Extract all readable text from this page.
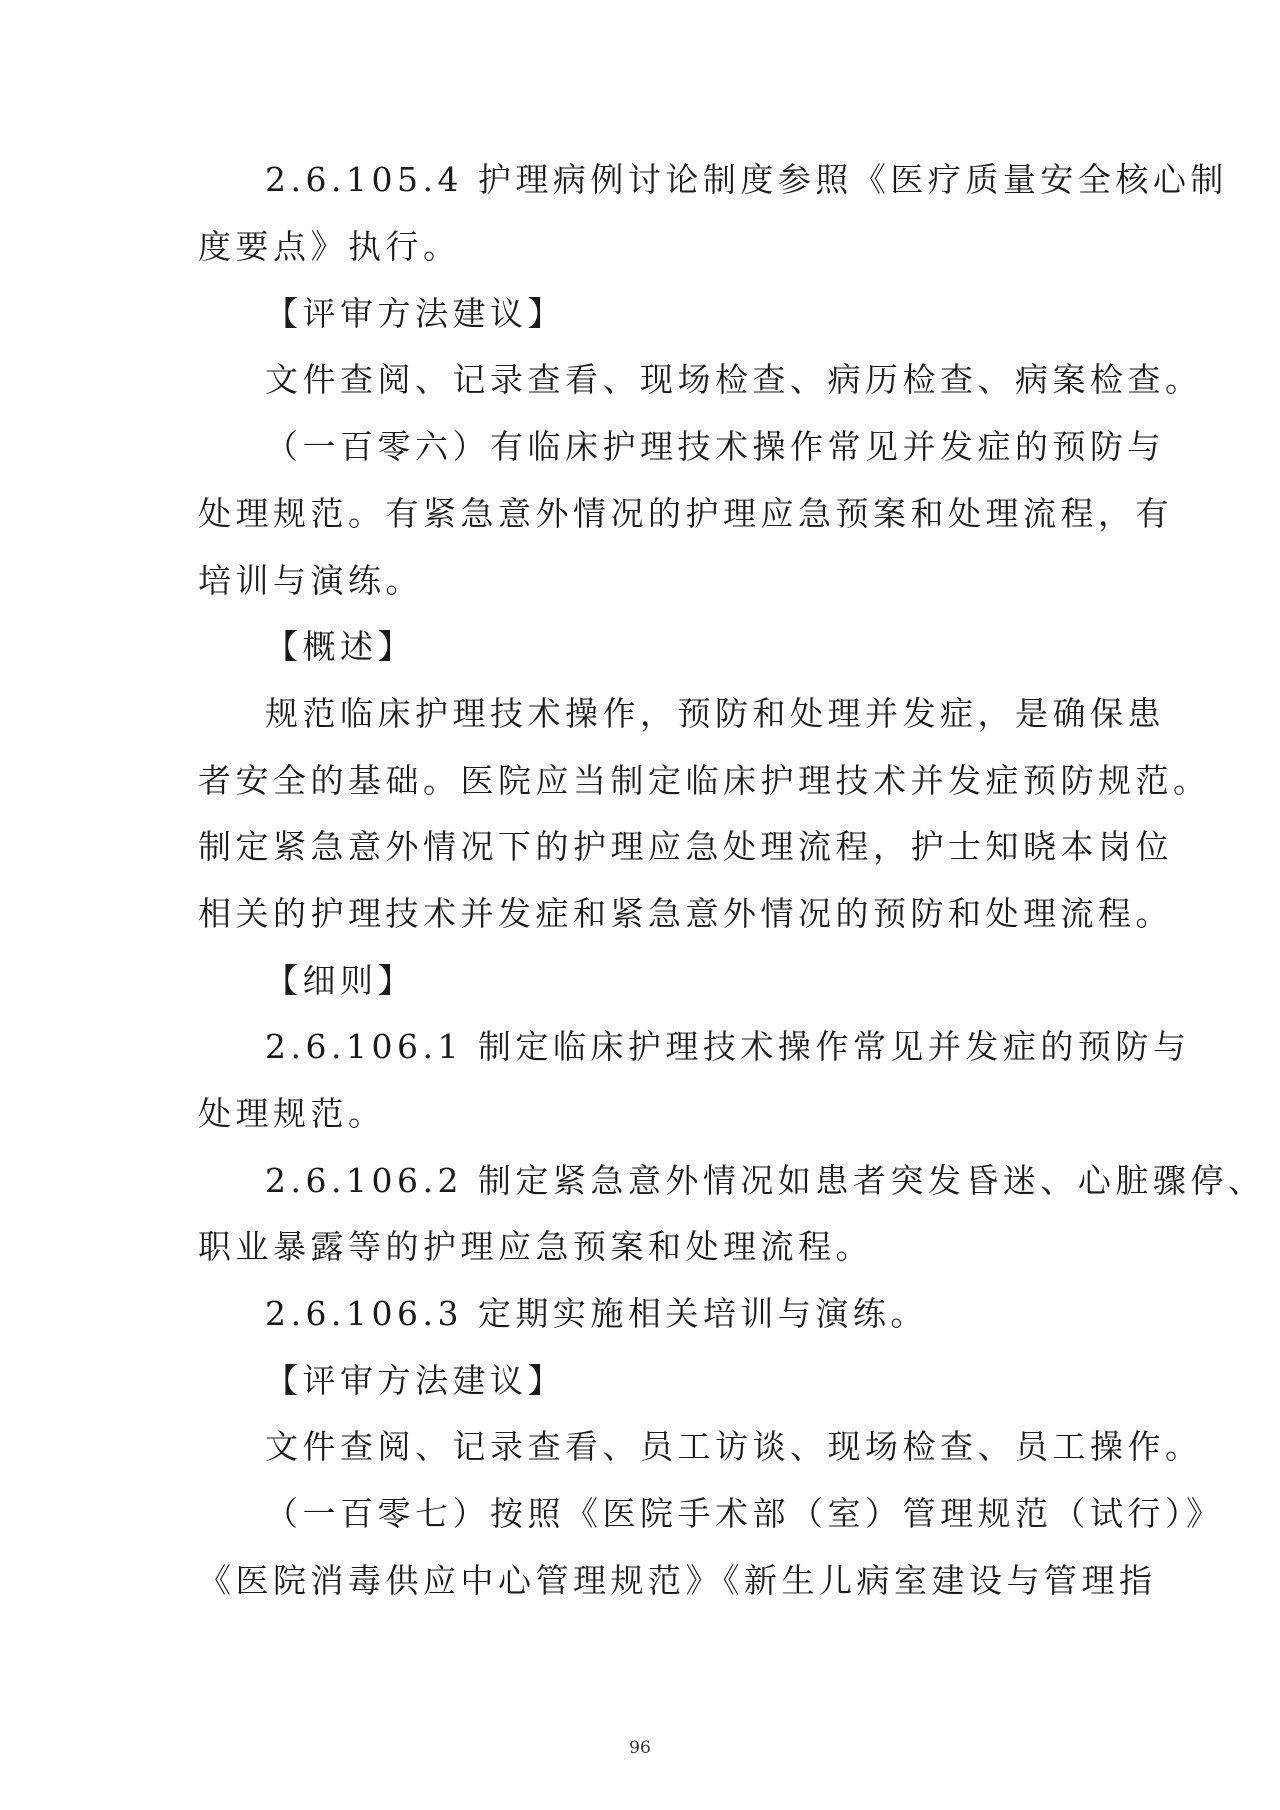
2.6.105.4 护理病例讨论制度参照《医疗质量安全核心制
度要点》执行。
【评审方法建议】
文件查阅、记录查看、现场检查、病历检查、病案检查。
（一百零六）有临床护理技术操作常见并发症的预防与
处理规范。有紧急意外情况的护理应急预案和处理流程，有
培训与演练。
【概述】
规范临床护理技术操作，预防和处理并发症，是确保患
者安全的基础。医院应当制定临床护理技术并发症预防规范。
制定紧急意外情况下的护理应急处理流程，护士知晓本岗位
相关的护理技术并发症和紧急意外情况的预防和处理流程。
【细则】
2.6.106.1 制定临床护理技术操作常见并发症的预防与
处理规范。
2.6.106.2 制定紧急意外情况如患者突发昏迷、心脏骤停、
职业暴露等的护理应急预案和处理流程。
2.6.106.3 定期实施相关培训与演练。
【评审方法建议】
文件查阅、记录查看、员工访谈、现场检查、员工操作。
（一百零七）按照《医院手术部（室）管理规范（试行）》
《医院消毒供应中心管理规范》《新生儿病室建设与管理指
96
